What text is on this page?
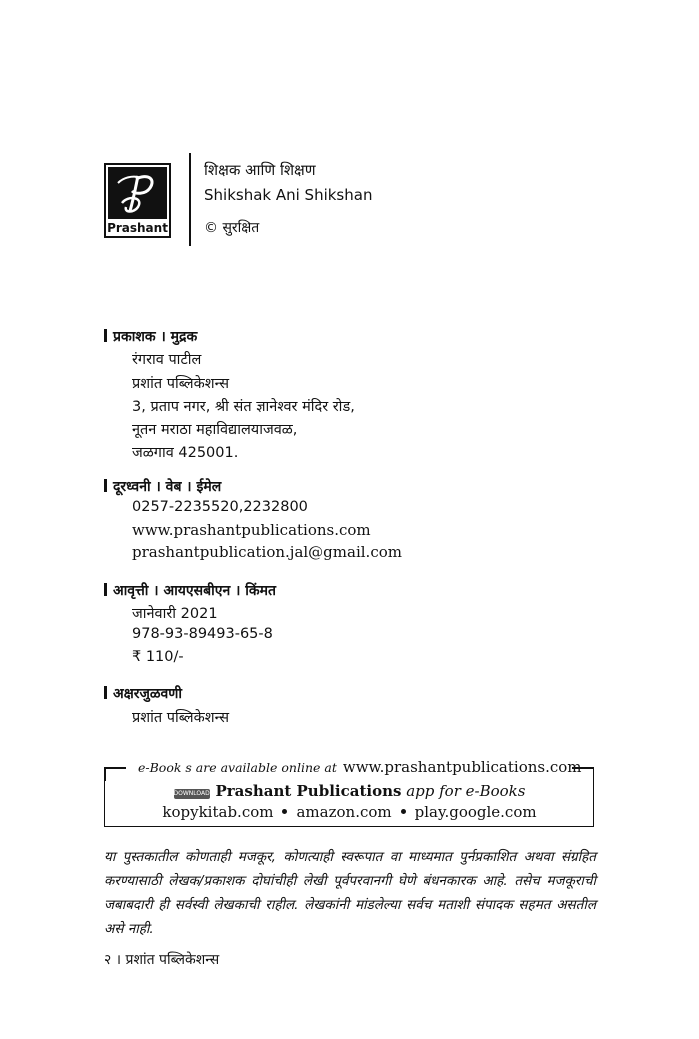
Prashant
शिक्षक आणि शिक्षण
Shikshak Ani Shikshan
© सुरक्षित
प्रकाशक । मुद्रक
रंगराव पाटील
प्रशांत पब्लिकेशन्स
3, प्रताप नगर, श्री संत ज्ञानेश्वर मंदिर रोड,
नूतन मराठा महाविद्यालयाजवळ,
जळगाव 425001.
दूरध्वनी । वेब । ईमेल
0257-2235520,2232800
www.prashantpublications.com
prashantpublication.jal@gmail.com
आवृत्ती । आयएसबीएन । किंमत
जानेवारी 2021
978-93-89493-65-8
₹ 110/-
अक्षरजुळवणी
प्रशांत पब्लिकेशन्स
e-Book s are available online at www.prashantpublications.com
DOWNLOAD Prashant Publications app for e-Books
kopykitab.com amazon.com play.google.com
या पुस्तकातील कोणताही मजकूर, कोणत्याही स्वरूपात वा माध्यमात पुर्नप्रकाशित अथवा संग्रहित करण्यासाठी लेखक/प्रकाशक दोघांचीही लेखी पूर्वपरवानगी घेणे बंधनकारक आहे. तसेच मजकूराची जबाबदारी ही सर्वस्वी लेखकाची राहील. लेखकांनी मांडलेल्या सर्वच मताशी संपादक सहमत असतील असे नाही.
२ । प्रशांत पब्लिकेशन्स
